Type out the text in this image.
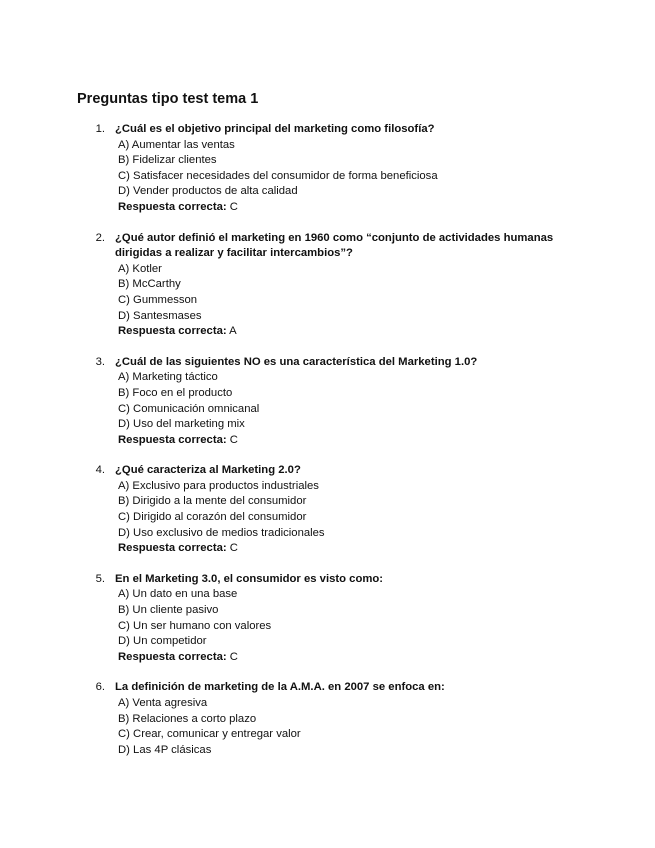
Preguntas tipo test tema 1
1. ¿Cuál es el objetivo principal del marketing como filosofía?

A) Aumentar las ventas
B) Fidelizar clientes
C) Satisfacer necesidades del consumidor de forma beneficiosa
D) Vender productos de alta calidad
Respuesta correcta: C
2. ¿Qué autor definió el marketing en 1960 como “conjunto de actividades humanas dirigidas a realizar y facilitar intercambios”?

A) Kotler
B) McCarthy
C) Gummesson
D) Santesmases
Respuesta correcta: A
3. ¿Cuál de las siguientes NO es una característica del Marketing 1.0?

A) Marketing táctico
B) Foco en el producto
C) Comunicación omnicanal
D) Uso del marketing mix
Respuesta correcta: C
4. ¿Qué caracteriza al Marketing 2.0?

A) Exclusivo para productos industriales
B) Dirigido a la mente del consumidor
C) Dirigido al corazón del consumidor
D) Uso exclusivo de medios tradicionales
Respuesta correcta: C
5. En el Marketing 3.0, el consumidor es visto como:

A) Un dato en una base
B) Un cliente pasivo
C) Un ser humano con valores
D) Un competidor
Respuesta correcta: C
6. La definición de marketing de la A.M.A. en 2007 se enfoca en:

A) Venta agresiva
B) Relaciones a corto plazo
C) Crear, comunicar y entregar valor
D) Las 4P clásicas
